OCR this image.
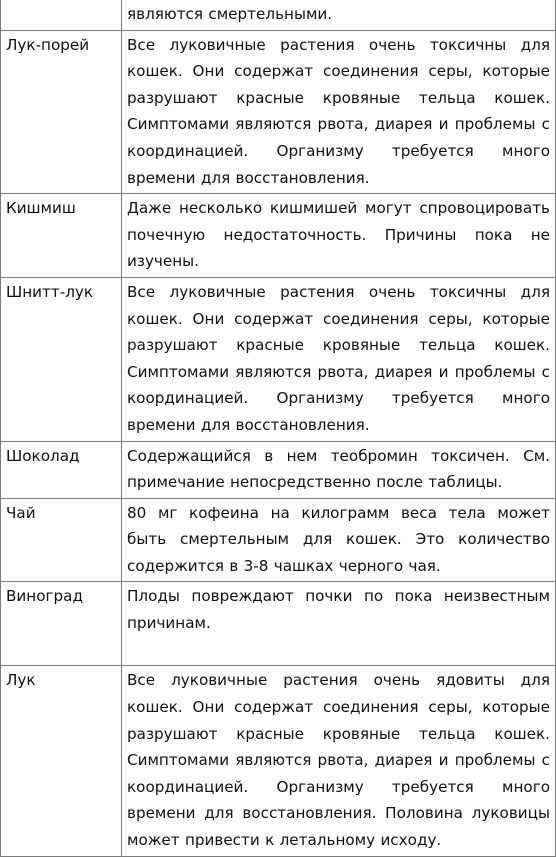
	являются смертельными.
Лук-порей	Все луковичные растения очень токсичны для кошек. Они содержат соединения серы, которые разрушают красные кровяные тельца кошек. Симптомами являются рвота, диарея и проблемы с координацией. Организму требуется много времени для восстановления.
Кишмиш	Даже несколько кишмишей могут спровоцировать почечную недостаточность. Причины пока не изучены.
Шнитт-лук	Все луковичные растения очень токсичны для кошек. Они содержат соединения серы, которые разрушают красные кровяные тельца кошек. Симптомами являются рвота, диарея и проблемы с координацией. Организму требуется много времени для восстановления.
Шоколад	Содержащийся в нем теобромин токсичен. См. примечание непосредственно после таблицы.
Чай	80 мг кофеина на килограмм веса тела может быть смертельным для кошек. Это количество содержится в 3-8 чашках черного чая.
Виноград	Плоды повреждают почки по пока неизвестным причинам.
Лук	Все луковичные растения очень ядовиты для кошек. Они содержат соединения серы, которые разрушают красные кровяные тельца кошек. Симптомами являются рвота, диарея и проблемы с координацией. Организму требуется много времени для восстановления. Половина луковицы может привести к летальному исходу.
